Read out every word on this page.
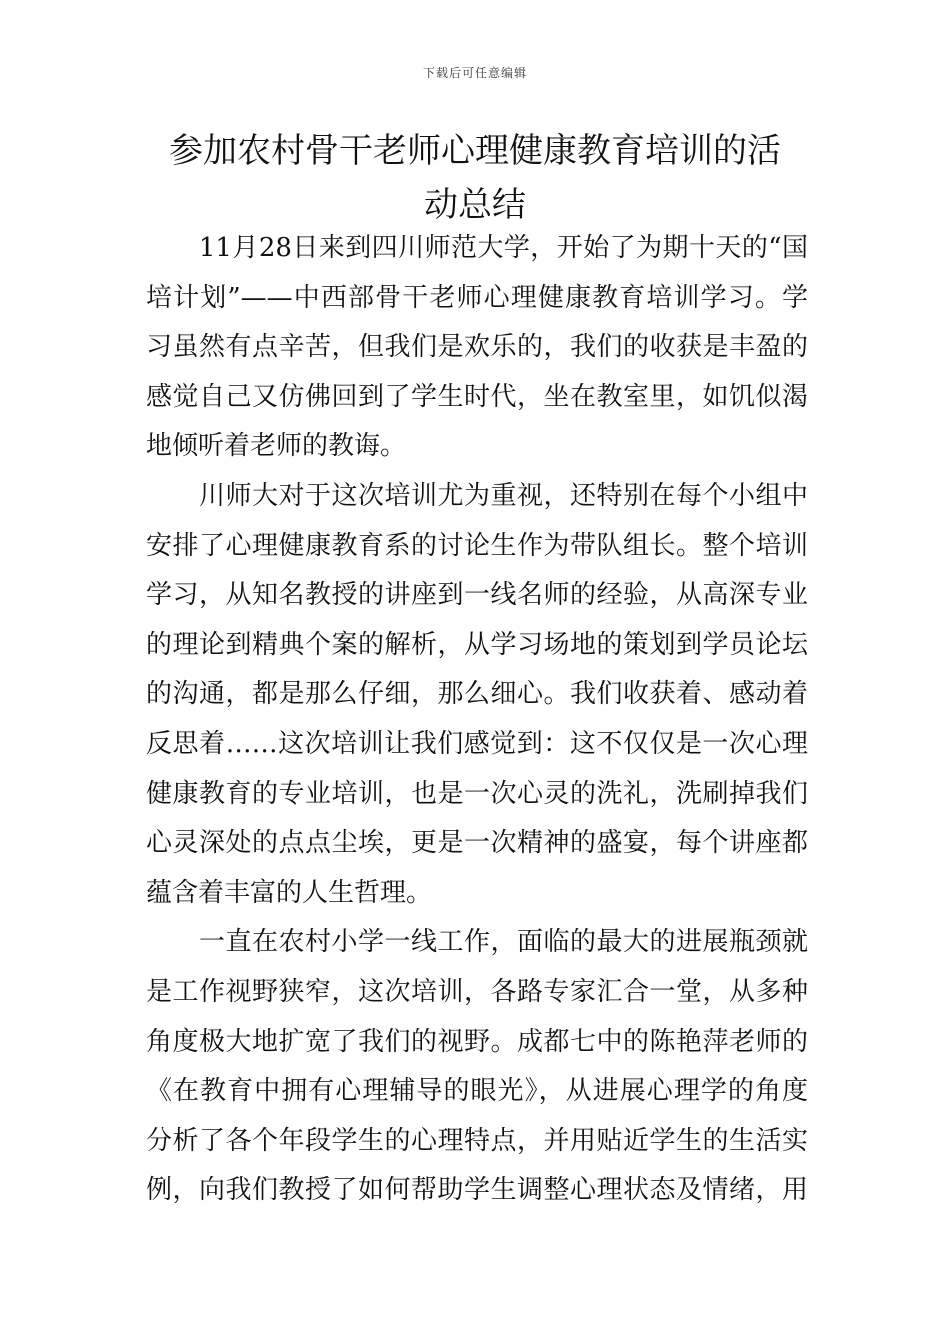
下载后可任意编辑
参加农村骨干老师心理健康教育培训的活
动总结
　　11月28日来到四川师范大学，开始了为期十天的“国
培计划”——中西部骨干老师心理健康教育培训学习。学
习虽然有点辛苦，但我们是欢乐的，我们的收获是丰盈的
感觉自己又仿佛回到了学生时代，坐在教室里，如饥似渴
地倾听着老师的教诲。
　　川师大对于这次培训尤为重视，还特别在每个小组中
安排了心理健康教育系的讨论生作为带队组长。整个培训
学习，从知名教授的讲座到一线名师的经验，从高深专业
的理论到精典个案的解析，从学习场地的策划到学员论坛
的沟通，都是那么仔细，那么细心。我们收获着、感动着
反思着……这次培训让我们感觉到：这不仅仅是一次心理
健康教育的专业培训，也是一次心灵的洗礼，洗刷掉我们
心灵深处的点点尘埃，更是一次精神的盛宴，每个讲座都
蕴含着丰富的人生哲理。
　　一直在农村小学一线工作，面临的最大的进展瓶颈就
是工作视野狭窄，这次培训，各路专家汇合一堂，从多种
角度极大地扩宽了我们的视野。成都七中的陈艳萍老师的
《在教育中拥有心理辅导的眼光》，从进展心理学的角度
分析了各个年段学生的心理特点，并用贴近学生的生活实
例，向我们教授了如何帮助学生调整心理状态及情绪，用
